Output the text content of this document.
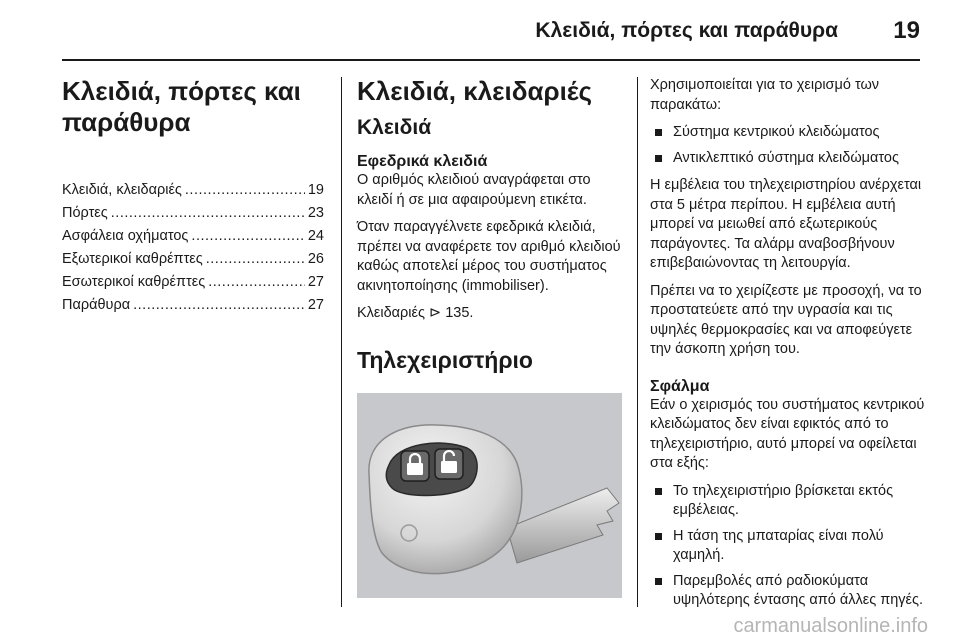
Κλειδιά, πόρτες και παράθυρα 19
Κλειδιά, πόρτες και παράθυρα
Κλειδιά, κλειδαριές .....	19
Πόρτες .....	23
Ασφάλεια οχήματος .....	24
Εξωτερικοί καθρέπτες .....	26
Εσωτερικοί καθρέπτες .....	27
Παράθυρα .....	27
Κλειδιά, κλειδαριές
Κλειδιά
Εφεδρικά κλειδιά

Ο αριθμός κλειδιού αναγράφεται στο κλειδί ή σε μια αφαιρούμενη ετικέτα.

Όταν παραγγέλνετε εφεδρικά κλειδιά, πρέπει να αναφέρετε τον αριθμό κλειδιού καθώς αποτελεί μέρος του συστήματος ακινητοποίησης (immobiliser).

Κλειδαριές ⊳ 135.

Τηλεχειριστήριο

Χρησιμοποιείται για το χειρισμό των παρακάτω:

Σύστημα κεντρικού κλειδώματος
Αντικλεπτικό σύστημα κλειδώματος

Η εμβέλεια του τηλεχειριστηρίου ανέρχεται στα 5 μέτρα περίπου. Η εμβέλεια αυτή μπορεί να μειωθεί από εξωτερικούς παράγοντες. Τα αλάρμ αναβοσβήνουν επιβεβαιώνοντας τη λειτουργία.

Πρέπει να το χειρίζεστε με προσοχή, να το προστατεύετε από την υγρασία και τις υψηλές θερμοκρασίες και να αποφεύγετε την άσκοπη χρήση του.

Σφάλμα

Εάν ο χειρισμός του συστήματος κεντρικού κλειδώματος δεν είναι εφικτός από το τηλεχειριστήριο, αυτό μπορεί να οφείλεται στα εξής:

Το τηλεχειριστήριο βρίσκεται εκτός εμβέλειας.
Η τάση της μπαταρίας είναι πολύ χαμηλή.
Παρεμβολές από ραδιοκύματα υψηλότερης έντασης από άλλες πηγές.
carmanualsonline.info
